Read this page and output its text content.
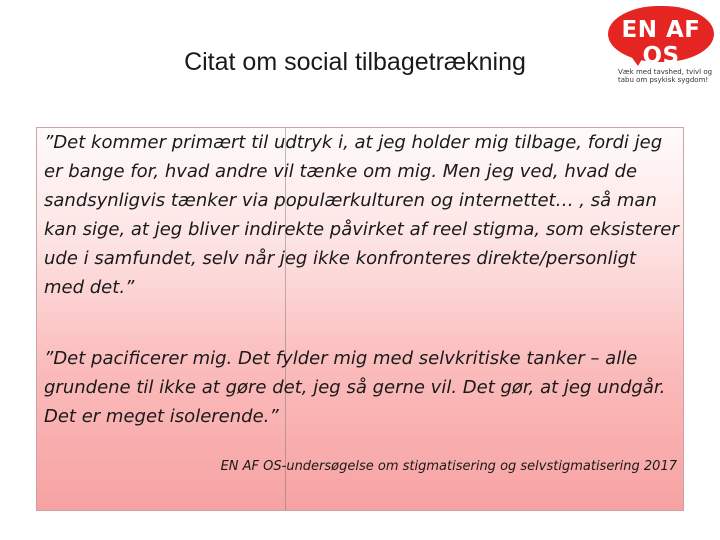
Citat om social tilbagetrækning
EN AF OS
Væk med tavshed, tvivl og tabu om psykisk sygdom!

”Det kommer primært til udtryk i, at jeg holder mig tilbage, fordi jeg er bange for, hvad andre vil tænke om mig. Men jeg ved, hvad de sandsynligvis tænker via populærkulturen og internettet… , så man kan sige, at jeg bliver indirekte påvirket af reel stigma, som eksisterer ude i samfundet, selv når jeg ikke konfronteres direkte/personligt med det.”

”Det pacificerer mig. Det fylder mig med selvkritiske tanker – alle grundene til ikke at gøre det, jeg så gerne vil. Det gør, at jeg undgår. Det er meget isolerende.”

EN AF OS-undersøgelse om stigmatisering og selvstigmatisering 2017
